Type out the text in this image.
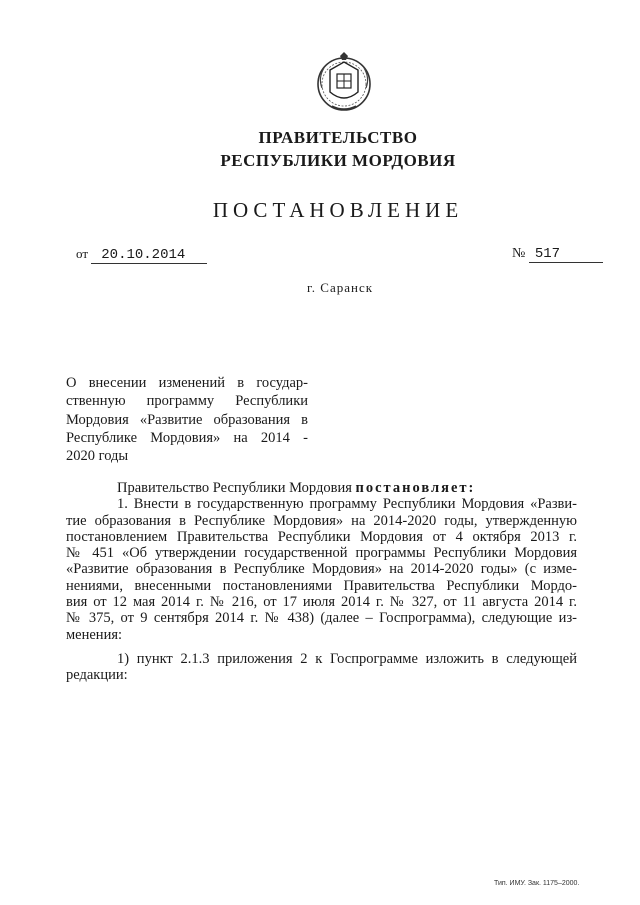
ПРАВИТЕЛЬСТВО
РЕСПУБЛИКИ МОРДОВИЯ
ПОСТАНОВЛЕНИЕ
от 20.10.2014	№ 517
г. Саранск
О внесении изменений в государ-
ственную программу Республики
Мордовия «Развитие образования в
Республике Мордовия» на 2014 -
2020 годы
Правительство Республики Мордовия постановляет:
1. Внести в государственную программу Республики Мордовия «Разви-
тие образования в Республике Мордовия» на 2014-2020 годы, утвержденную
постановлением Правительства Республики Мордовия от 4 октября 2013 г.
№ 451 «Об утверждении государственной программы Республики Мордовия
«Развитие образования в Республике Мордовия» на 2014-2020 годы» (с изме-
нениями, внесенными постановлениями Правительства Республики Мордо-
вия от 12 мая 2014 г. № 216, от 17 июля 2014 г. № 327, от 11 августа 2014 г.
№ 375, от 9 сентября 2014 г. № 438) (далее – Госпрограмма), следующие из-
менения:
1) пункт 2.1.3 приложения 2 к Госпрограмме изложить в следующей
редакции:
Тип. ИМУ. Зак. 1175–2000.
